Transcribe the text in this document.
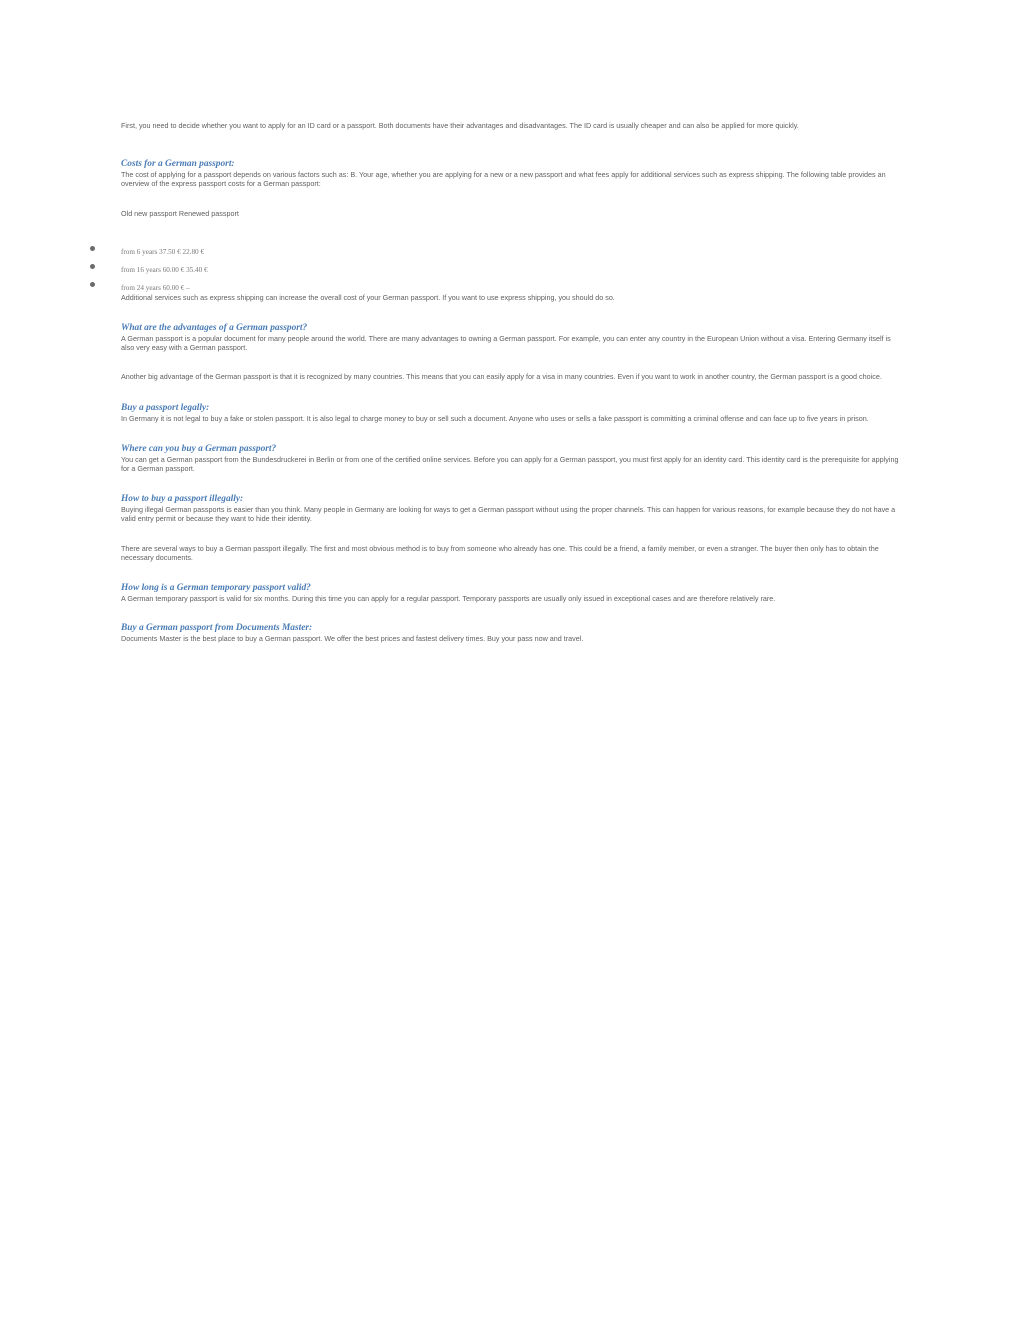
First, you need to decide whether you want to apply for an ID card or a passport. Both documents have their advantages and disadvantages. The ID card is usually cheaper and can also be applied for more quickly.

Costs for a German passport:

The cost of applying for a passport depends on various factors such as: B. Your age, whether you are applying for a new or a new passport and what fees apply for additional services such as express shipping. The following table provides an overview of the express passport costs for a German passport:

Old new passport Renewed passport

from 6 years 37.50 € 22.80 €
from 16 years 60.00 € 35.40 €
from 24 years 60.00 € –

Additional services such as express shipping can increase the overall cost of your German passport. If you want to use express shipping, you should do so.

What are the advantages of a German passport?

A German passport is a popular document for many people around the world. There are many advantages to owning a German passport. For example, you can enter any country in the European Union without a visa. Entering Germany itself is also very easy with a German passport.

Another big advantage of the German passport is that it is recognized by many countries. This means that you can easily apply for a visa in many countries. Even if you want to work in another country, the German passport is a good choice.

Buy a passport legally:

In Germany it is not legal to buy a fake or stolen passport. It is also legal to charge money to buy or sell such a document. Anyone who uses or sells a fake passport is committing a criminal offense and can face up to five years in prison.

Where can you buy a German passport?

You can get a German passport from the Bundesdruckerei in Berlin or from one of the certified online services. Before you can apply for a German passport, you must first apply for an identity card. This identity card is the prerequisite for applying for a German passport.

How to buy a passport illegally:

Buying illegal German passports is easier than you think. Many people in Germany are looking for ways to get a German passport without using the proper channels. This can happen for various reasons, for example because they do not have a valid entry permit or because they want to hide their identity.

There are several ways to buy a German passport illegally. The first and most obvious method is to buy from someone who already has one. This could be a friend, a family member, or even a stranger. The buyer then only has to obtain the necessary documents.

How long is a German temporary passport valid?

A German temporary passport is valid for six months. During this time you can apply for a regular passport. Temporary passports are usually only issued in exceptional cases and are therefore relatively rare.

Buy a German passport from Documents Master:

Documents Master is the best place to buy a German passport. We offer the best prices and fastest delivery times. Buy your pass now and travel.
